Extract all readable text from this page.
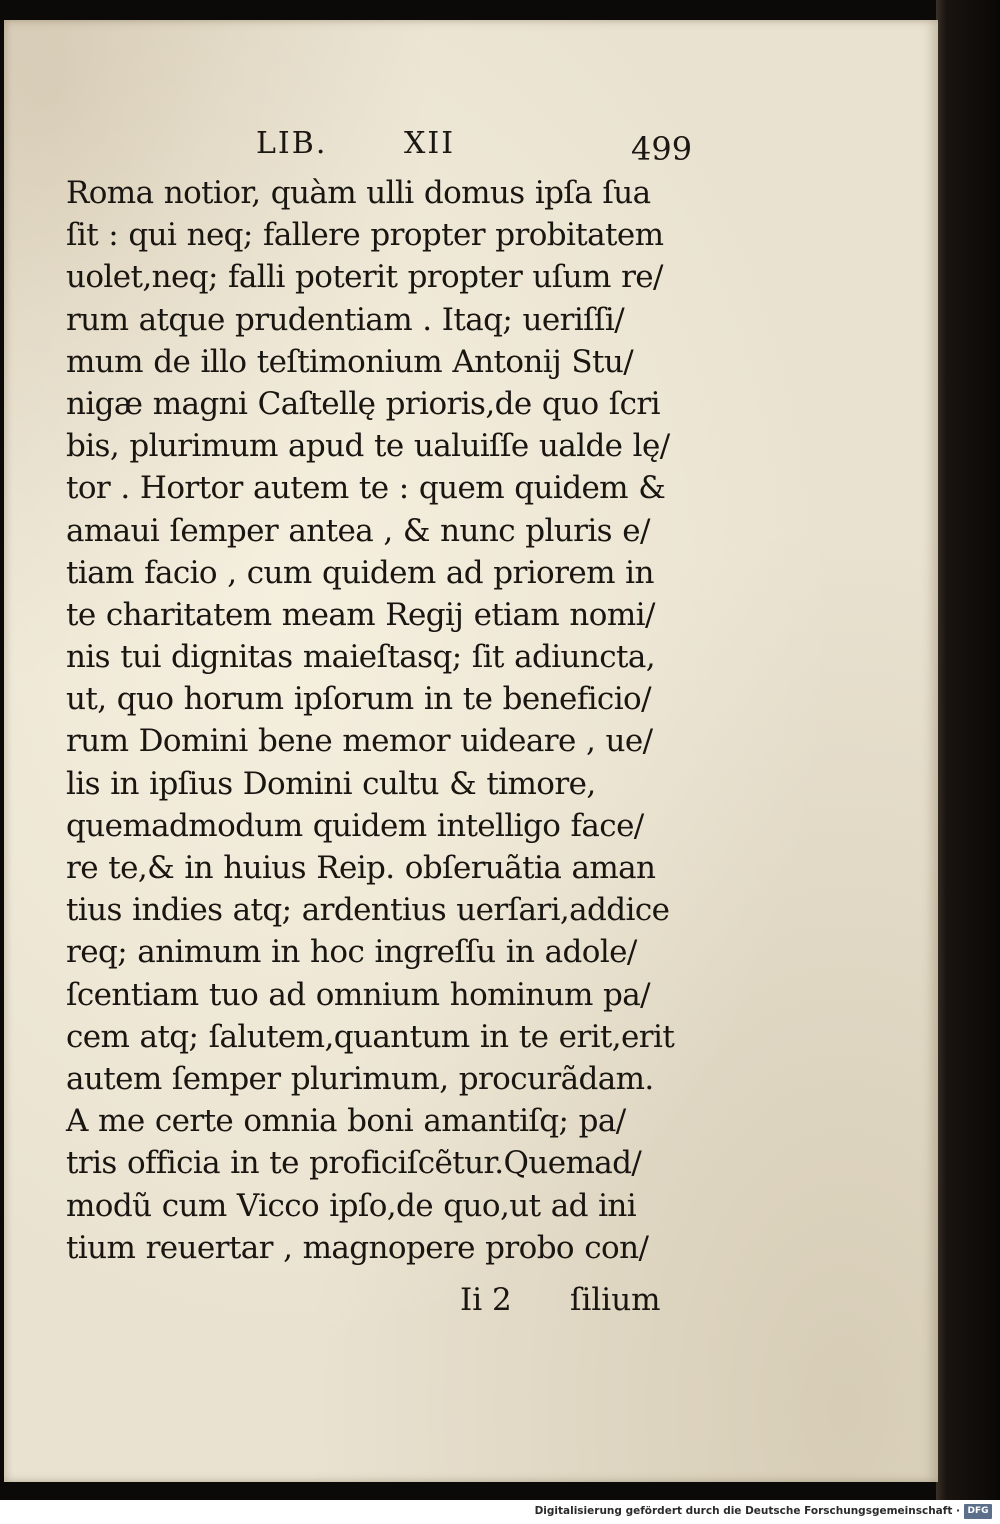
LIB.	XII	499
Roma notior, quàm ulli domus ipſa ſua
ſit : qui neq; fallere propter probitatem
uolet,neq; falli poterit propter uſum re/
rum atque prudentiam . Itaq; ueriſſi/
mum de illo teſtimonium Antonij Stu/
nigæ magni Caſtellę prioris,de quo ſcri
bis, plurimum apud te ualuiſſe ualde lę/
tor . Hortor autem te : quem quidem &
amaui ſemper antea , & nunc pluris e/
tiam facio , cum quidem ad priorem in
te charitatem meam Regij etiam nomi/
nis tui dignitas maieſtasq; ſit adiuncta,
ut, quo horum ipſorum in te beneficio/
rum Domini bene memor uideare , ue/
lis in ipſius Domini cultu & timore,
quemadmodum quidem intelligo face/
re te,& in huius Reip. obſeruãtia aman
tius indies atq; ardentius uerſari,addice
req; animum in hoc ingreſſu in adole/
ſcentiam tuo ad omnium hominum pa/
cem atq; ſalutem,quantum in te erit,erit
autem ſemper plurimum, procurãdam.
A me certe omnia boni amantiſq; pa/
tris officia in te proficiſcẽtur.Quemad/
modũ cum Vicco ipſo,de quo,ut ad ini
tium reuertar , magnopere probo con/
Ii 2 ſilium
Digitalisierung gefördert durch die Deutsche Forschungsgemeinschaft · DFG
